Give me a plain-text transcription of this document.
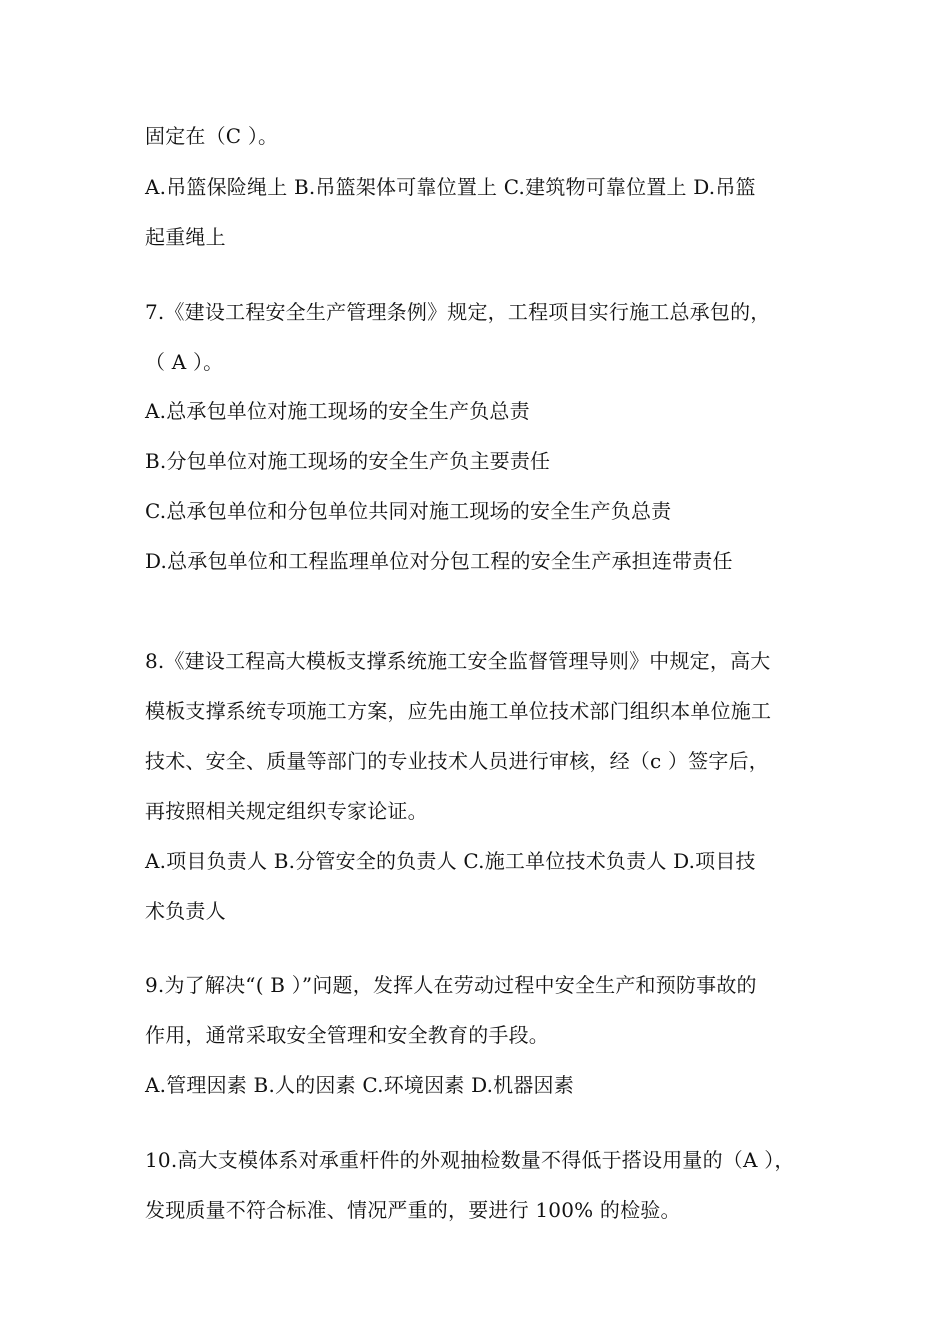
固定在（C ）。
A.吊篮保险绳上 B.吊篮架体可靠位置上 C.建筑物可靠位置上 D.吊篮
起重绳上
7.《建设工程安全生产管理条例》规定，工程项目实行施工总承包的，
（ A ）。
A.总承包单位对施工现场的安全生产负总责
B.分包单位对施工现场的安全生产负主要责任
C.总承包单位和分包单位共同对施工现场的安全生产负总责
D.总承包单位和工程监理单位对分包工程的安全生产承担连带责任
8.《建设工程高大模板支撑系统施工安全监督管理导则》中规定，高大
模板支撑系统专项施工方案，应先由施工单位技术部门组织本单位施工
技术、安全、质量等部门的专业技术人员进行审核，经（c ）签字后，
再按照相关规定组织专家论证。
A.项目负责人 B.分管安全的负责人 C.施工单位技术负责人 D.项目技
术负责人
9.为了解决“( B ）”问题，发挥人在劳动过程中安全生产和预防事故的
作用，通常采取安全管理和安全教育的手段。
A.管理因素 B.人的因素 C.环境因素 D.机器因素
10.高大支模体系对承重杆件的外观抽检数量不得低于搭设用量的（A ），
发现质量不符合标准、情况严重的，要进行 100% 的检验。
